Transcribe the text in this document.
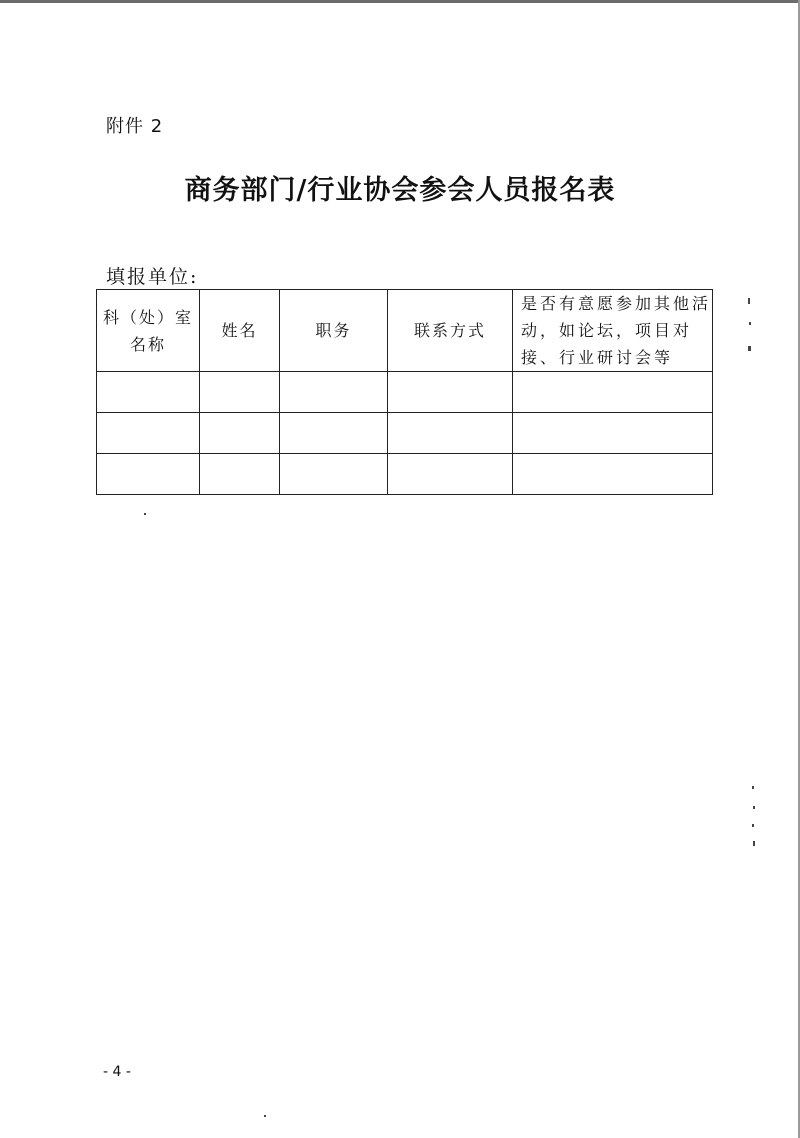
附件 2
商务部门/行业协会参会人员报名表
填报单位:
科（处）室名称	姓名	职务	联系方式	是否有意愿参加其他活动，如论坛，项目对接、行业研讨会等

- 4 -
